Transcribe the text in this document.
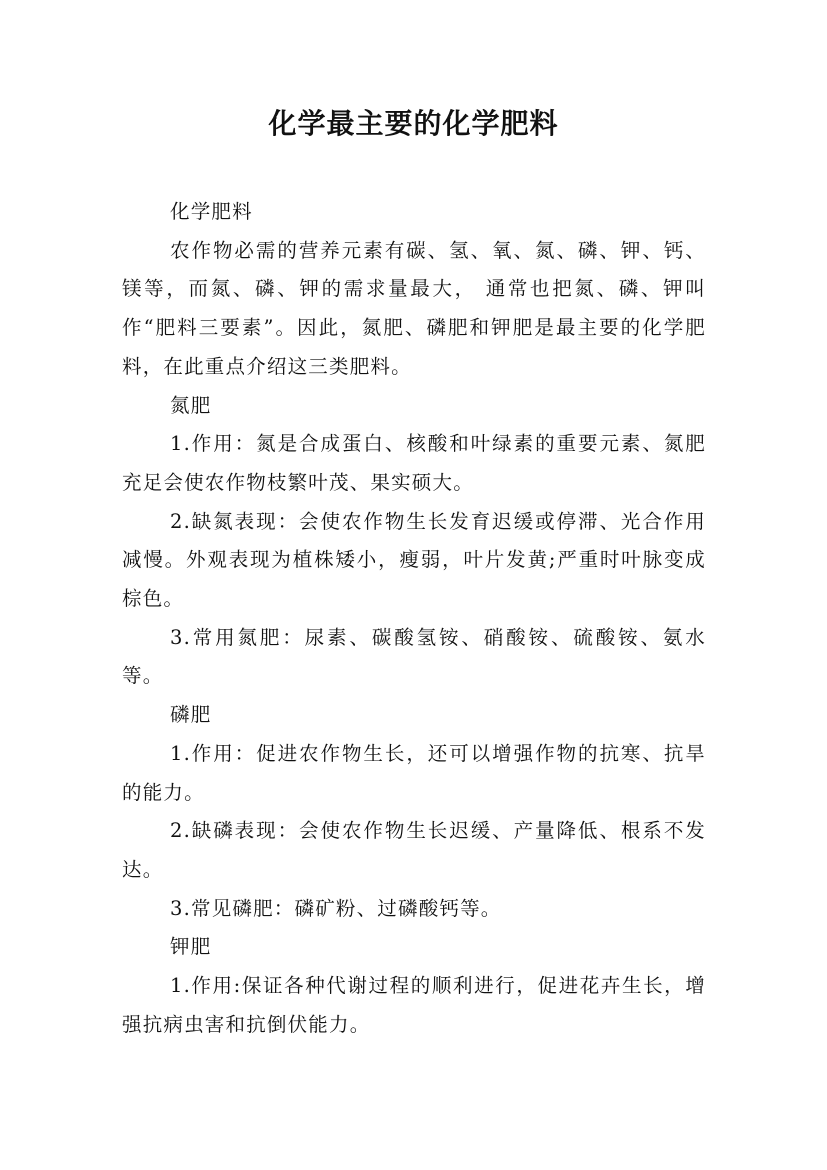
化学最主要的化学肥料

化学肥料

农作物必需的营养元素有碳、氢、氧、氮、磷、钾、钙、镁等，而氮、磷、钾的需求量最大， 通常也把氮、磷、钾叫作“肥料三要素”。因此，氮肥、磷肥和钾肥是最主要的化学肥料，在此重点介绍这三类肥料。

氮肥

1.作用：氮是合成蛋白、核酸和叶绿素的重要元素、氮肥充足会使农作物枝繁叶茂、果实硕大。

2.缺氮表现：会使农作物生长发育迟缓或停滞、光合作用减慢。外观表现为植株矮小，瘦弱，叶片发黄;严重时叶脉变成棕色。

3.常用氮肥：尿素、碳酸氢铵、硝酸铵、硫酸铵、氨水等。

磷肥

1.作用：促进农作物生长，还可以增强作物的抗寒、抗旱的能力。

2.缺磷表现：会使农作物生长迟缓、产量降低、根系不发达。

3.常见磷肥：磷矿粉、过磷酸钙等。

钾肥

1.作用:保证各种代谢过程的顺利进行，促进花卉生长，增强抗病虫害和抗倒伏能力。
